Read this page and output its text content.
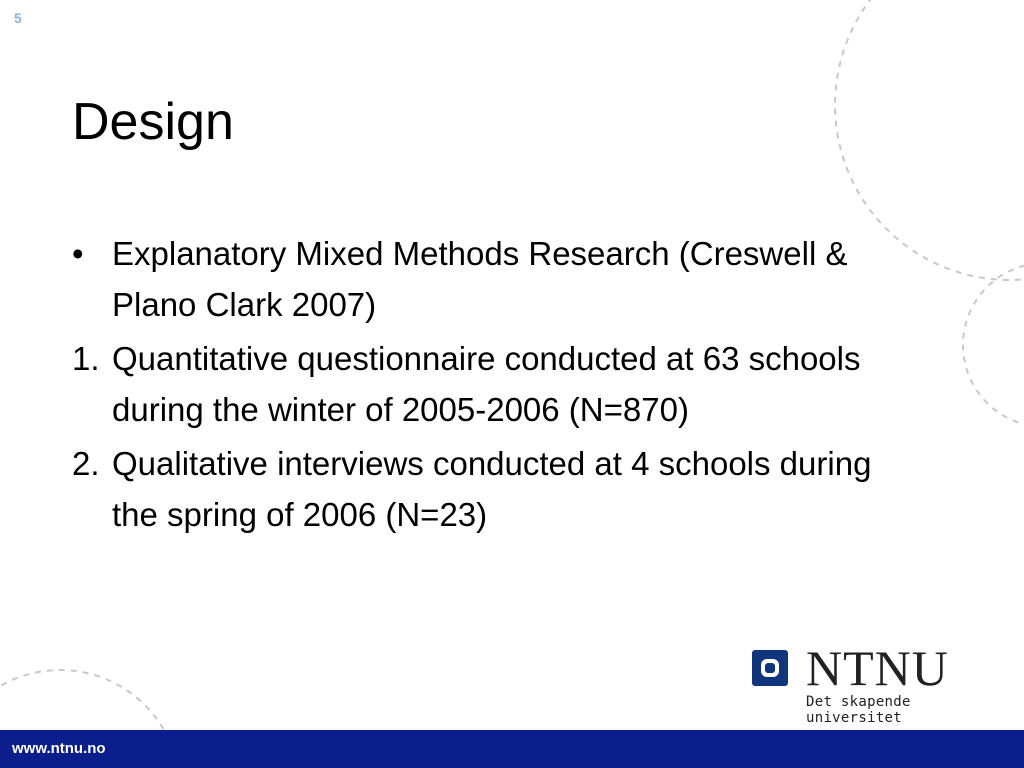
5
Design
• Explanatory Mixed Methods Research (Creswell & Plano Clark 2007)
1. Quantitative questionnaire conducted at 63 schools during the winter of 2005-2006 (N=870)
2. Qualitative interviews conducted at 4 schools during the spring of 2006 (N=23)
NTNU
Det skapende universitet
www.ntnu.no
